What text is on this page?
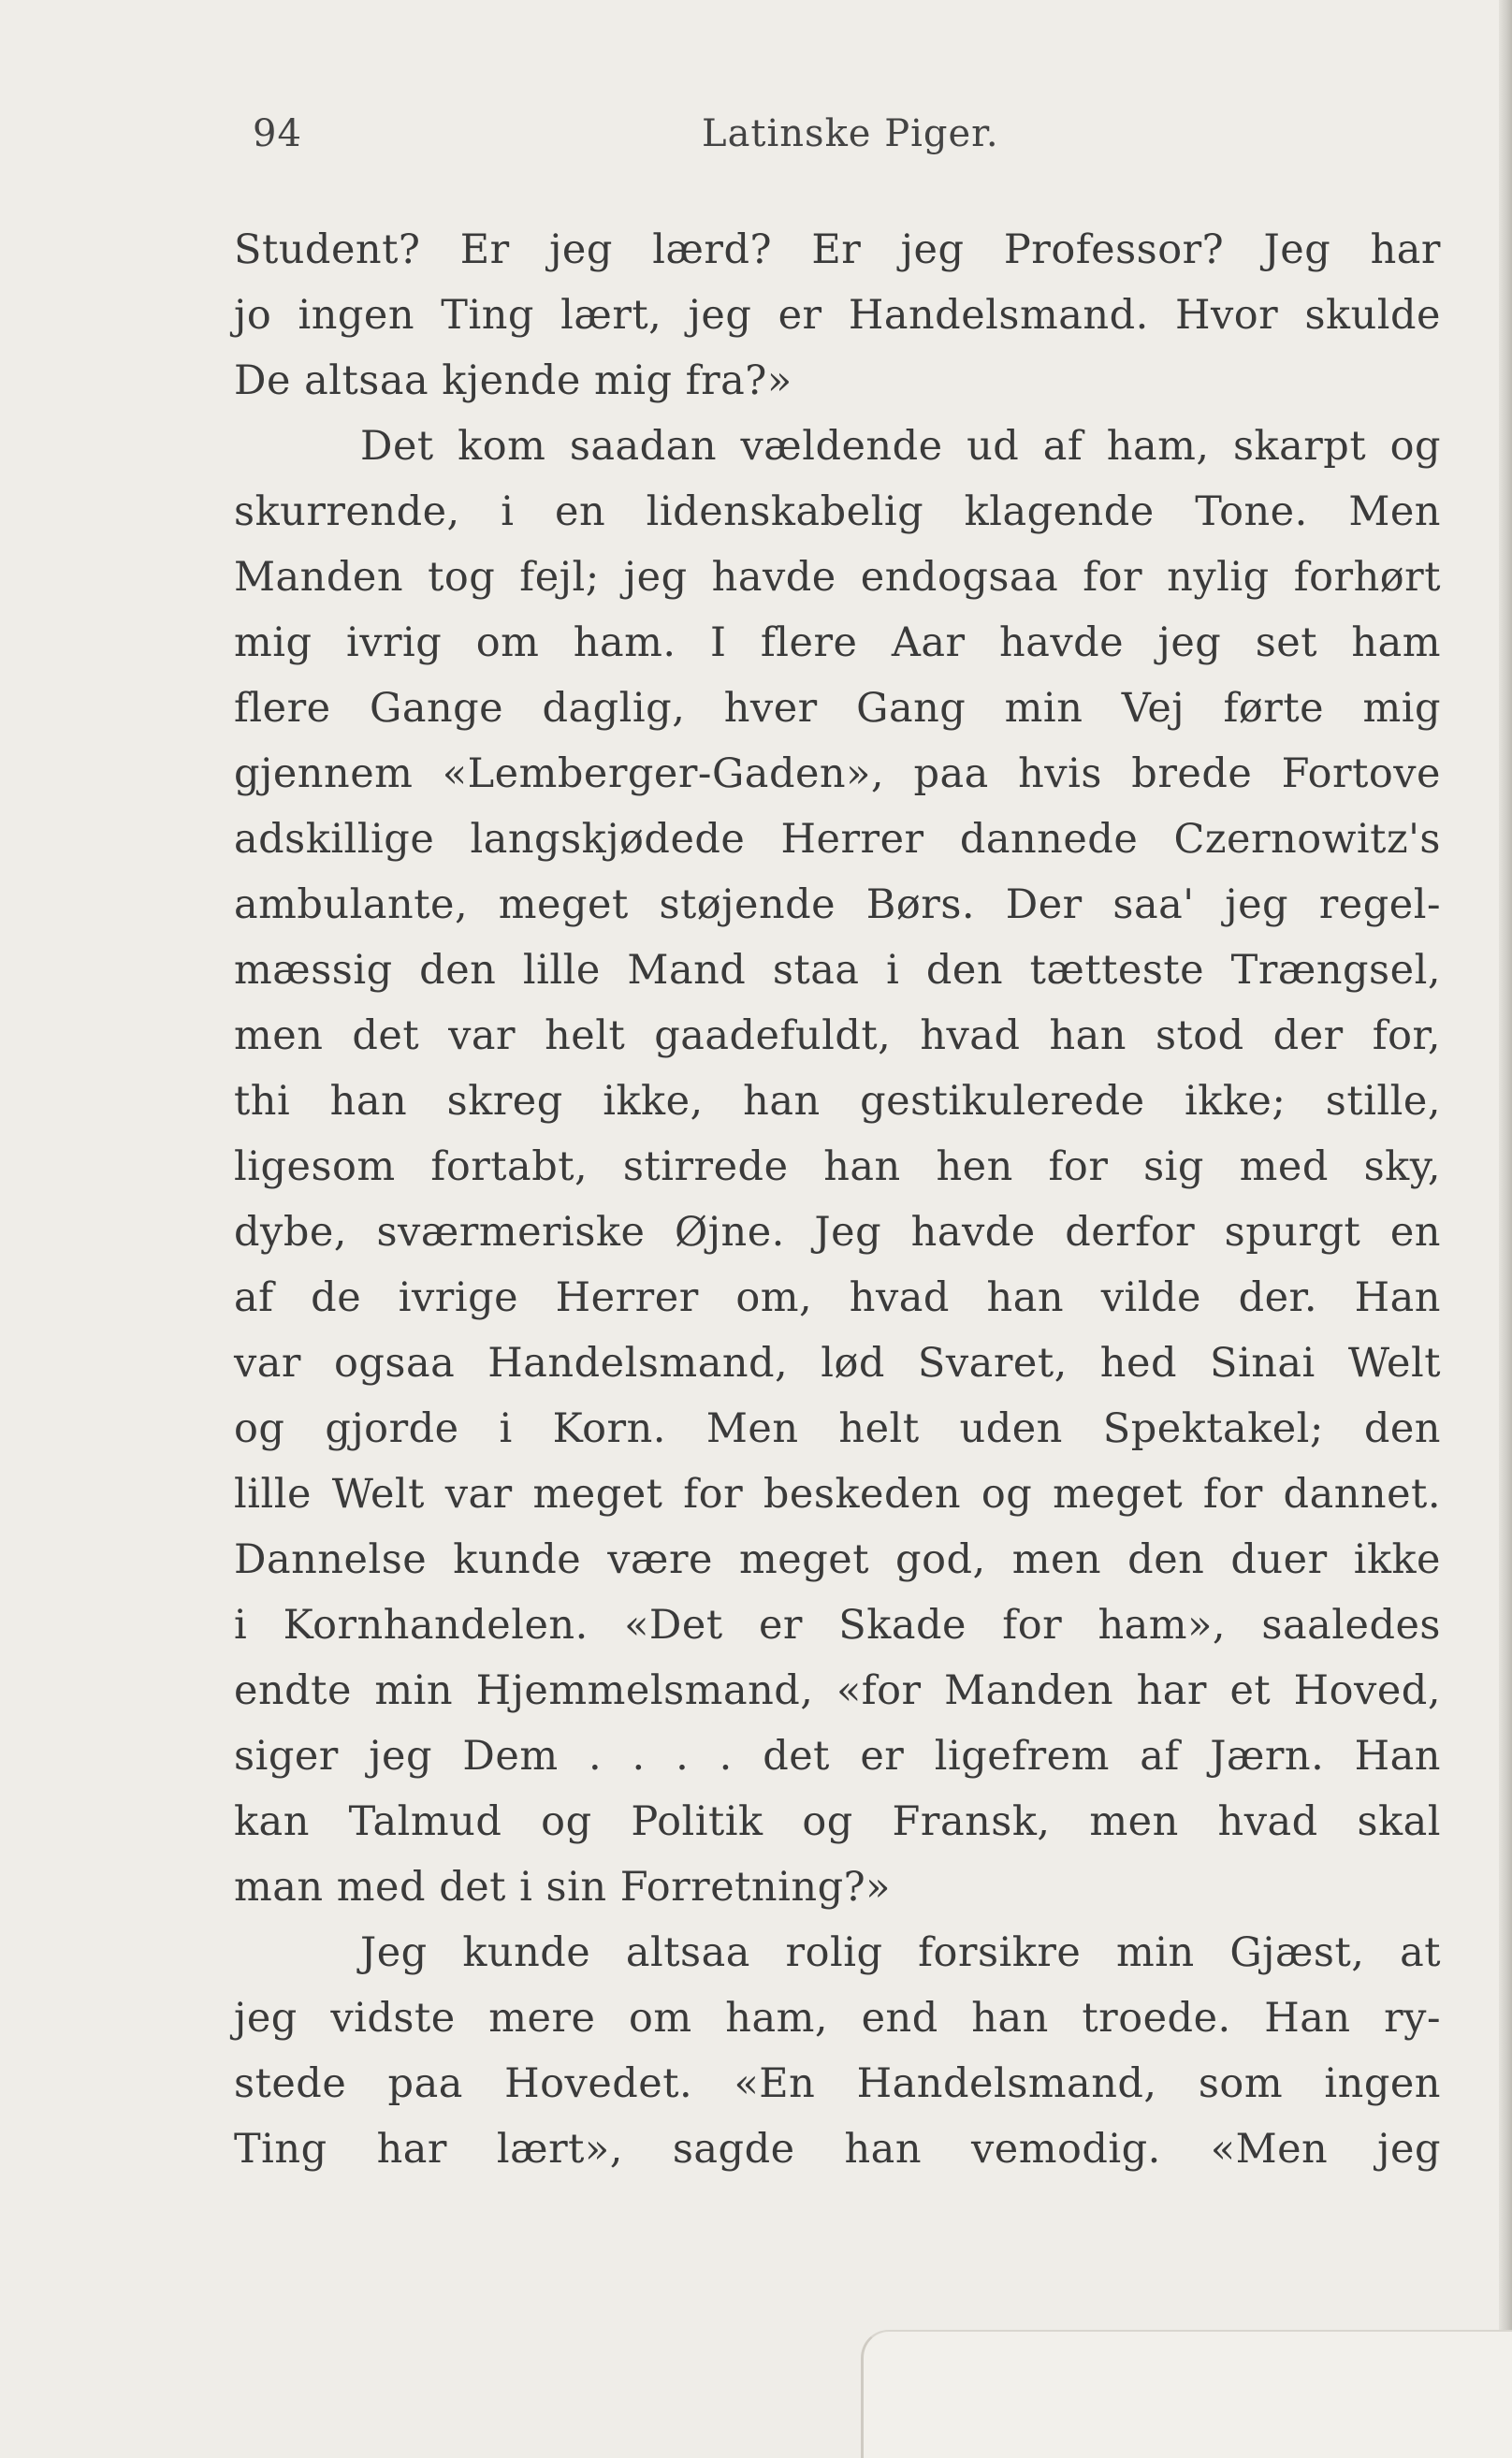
94	Latinske Piger.
Student? Er jeg lærd? Er jeg Professor? Jeg har
jo ingen Ting lært, jeg er Handelsmand. Hvor skulde
De altsaa kjende mig fra?»
Det kom saadan vældende ud af ham, skarpt og
skurrende, i en lidenskabelig klagende Tone. Men
Manden tog fejl; jeg havde endogsaa for nylig forhørt
mig ivrig om ham. I flere Aar havde jeg set ham
flere Gange daglig, hver Gang min Vej førte mig
gjennem «Lemberger-Gaden», paa hvis brede Fortove
adskillige langskjødede Herrer dannede Czernowitz's
ambulante, meget støjende Børs. Der saa' jeg regel-
mæssig den lille Mand staa i den tætteste Trængsel,
men det var helt gaadefuldt, hvad han stod der for,
thi han skreg ikke, han gestikulerede ikke; stille,
ligesom fortabt, stirrede han hen for sig med sky,
dybe, sværmeriske Øjne. Jeg havde derfor spurgt en
af de ivrige Herrer om, hvad han vilde der. Han
var ogsaa Handelsmand, lød Svaret, hed Sinai Welt
og gjorde i Korn. Men helt uden Spektakel; den
lille Welt var meget for beskeden og meget for dannet.
Dannelse kunde være meget god, men den duer ikke
i Kornhandelen. «Det er Skade for ham», saaledes
endte min Hjemmelsmand, «for Manden har et Hoved,
siger jeg Dem . . . . det er ligefrem af Jærn. Han
kan Talmud og Politik og Fransk, men hvad skal
man med det i sin Forretning?»
Jeg kunde altsaa rolig forsikre min Gjæst, at
jeg vidste mere om ham, end han troede. Han ry-
stede paa Hovedet. «En Handelsmand, som ingen
Ting har lært», sagde han vemodig. «Men jeg
